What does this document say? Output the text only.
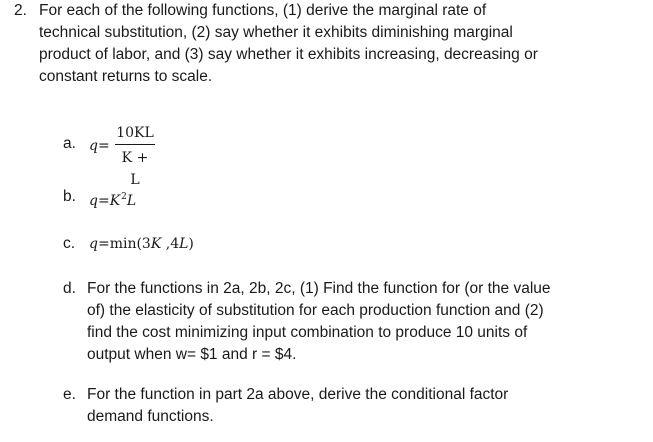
2. For each of the following functions, (1) derive the marginal rate of
technical substitution, (2) say whether it exhibits diminishing marginal
product of labor, and (3) say whether it exhibits increasing, decreasing or
constant returns to scale.
a. q=
10KL
K + L
b. $q=K^2L$
c. q=min(3K ,4L)
d. For the functions in 2a, 2b, 2c, (1) Find the function for (or the value
of) the elasticity of substitution for each production function and (2)
find the cost minimizing input combination to produce 10 units of
output when w= $1 and r = $4.
e. For the function in part 2a above, derive the conditional factor
demand functions.
